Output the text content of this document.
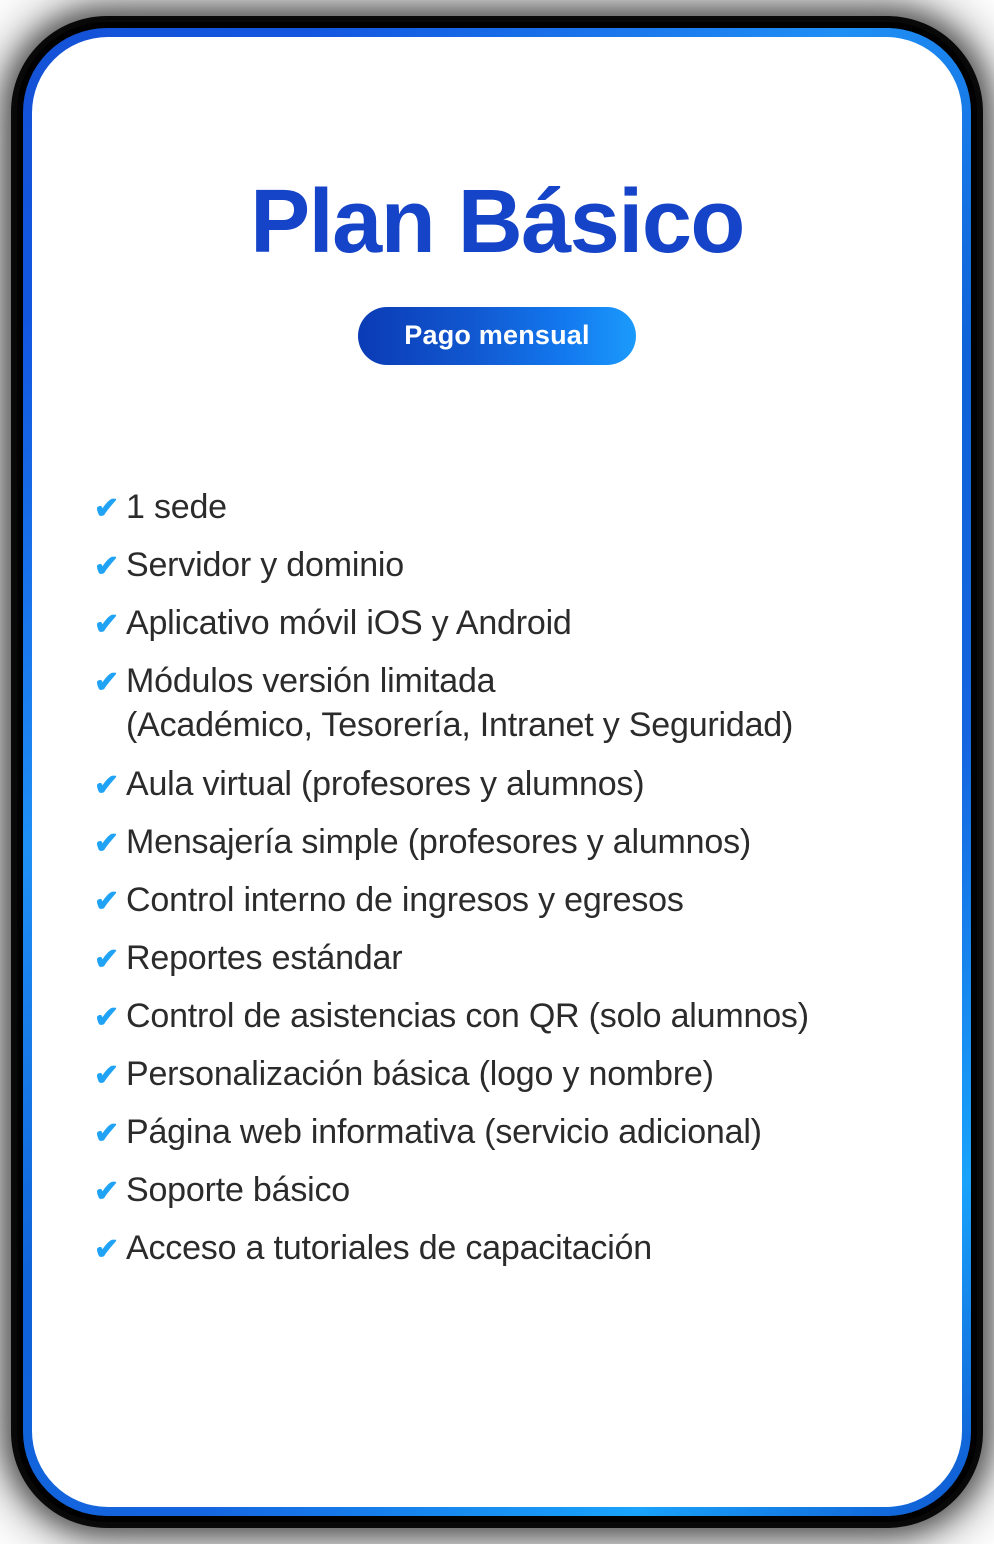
Plan Básico
Pago mensual
✔ 1 sede
✔ Servidor y dominio
✔ Aplicativo móvil iOS y Android
✔ Módulos versión limitada
(Académico, Tesorería, Intranet y Seguridad)
✔ Aula virtual (profesores y alumnos)
✔ Mensajería simple (profesores y alumnos)
✔ Control interno de ingresos y egresos
✔ Reportes estándar
✔ Control de asistencias con QR (solo alumnos)
✔ Personalización básica (logo y nombre)
✔ Página web informativa (servicio adicional)
✔ Soporte básico
✔ Acceso a tutoriales de capacitación
